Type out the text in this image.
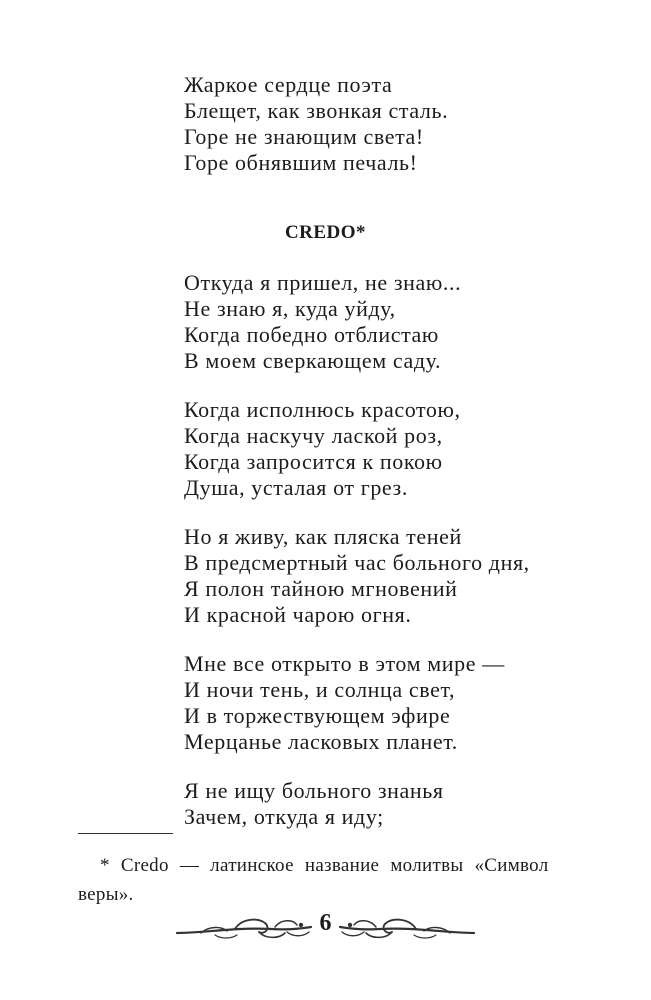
Жаркое сердце поэта
Блещет, как звонкая сталь.
Горе не знающим света!
Горе обнявшим печаль!
CREDO*
Откуда я пришел, не знаю...
Не знаю я, куда уйду,
Когда победно отблистаю
В моем сверкающем саду.
Когда исполнюсь красотою,
Когда наскучу лаской роз,
Когда запросится к покою
Душа, усталая от грез.
Но я живу, как пляска теней
В предсмертный час больного дня,
Я полон тайною мгновений
И красной чарою огня.
Мне все открыто в этом мире —
И ночи тень, и солнца свет,
И в торжествующем эфире
Мерцанье ласковых планет.
Я не ищу больного знанья
Зачем, откуда я иду;
* Credo — латинское название молитвы «Символ
веры».
6
